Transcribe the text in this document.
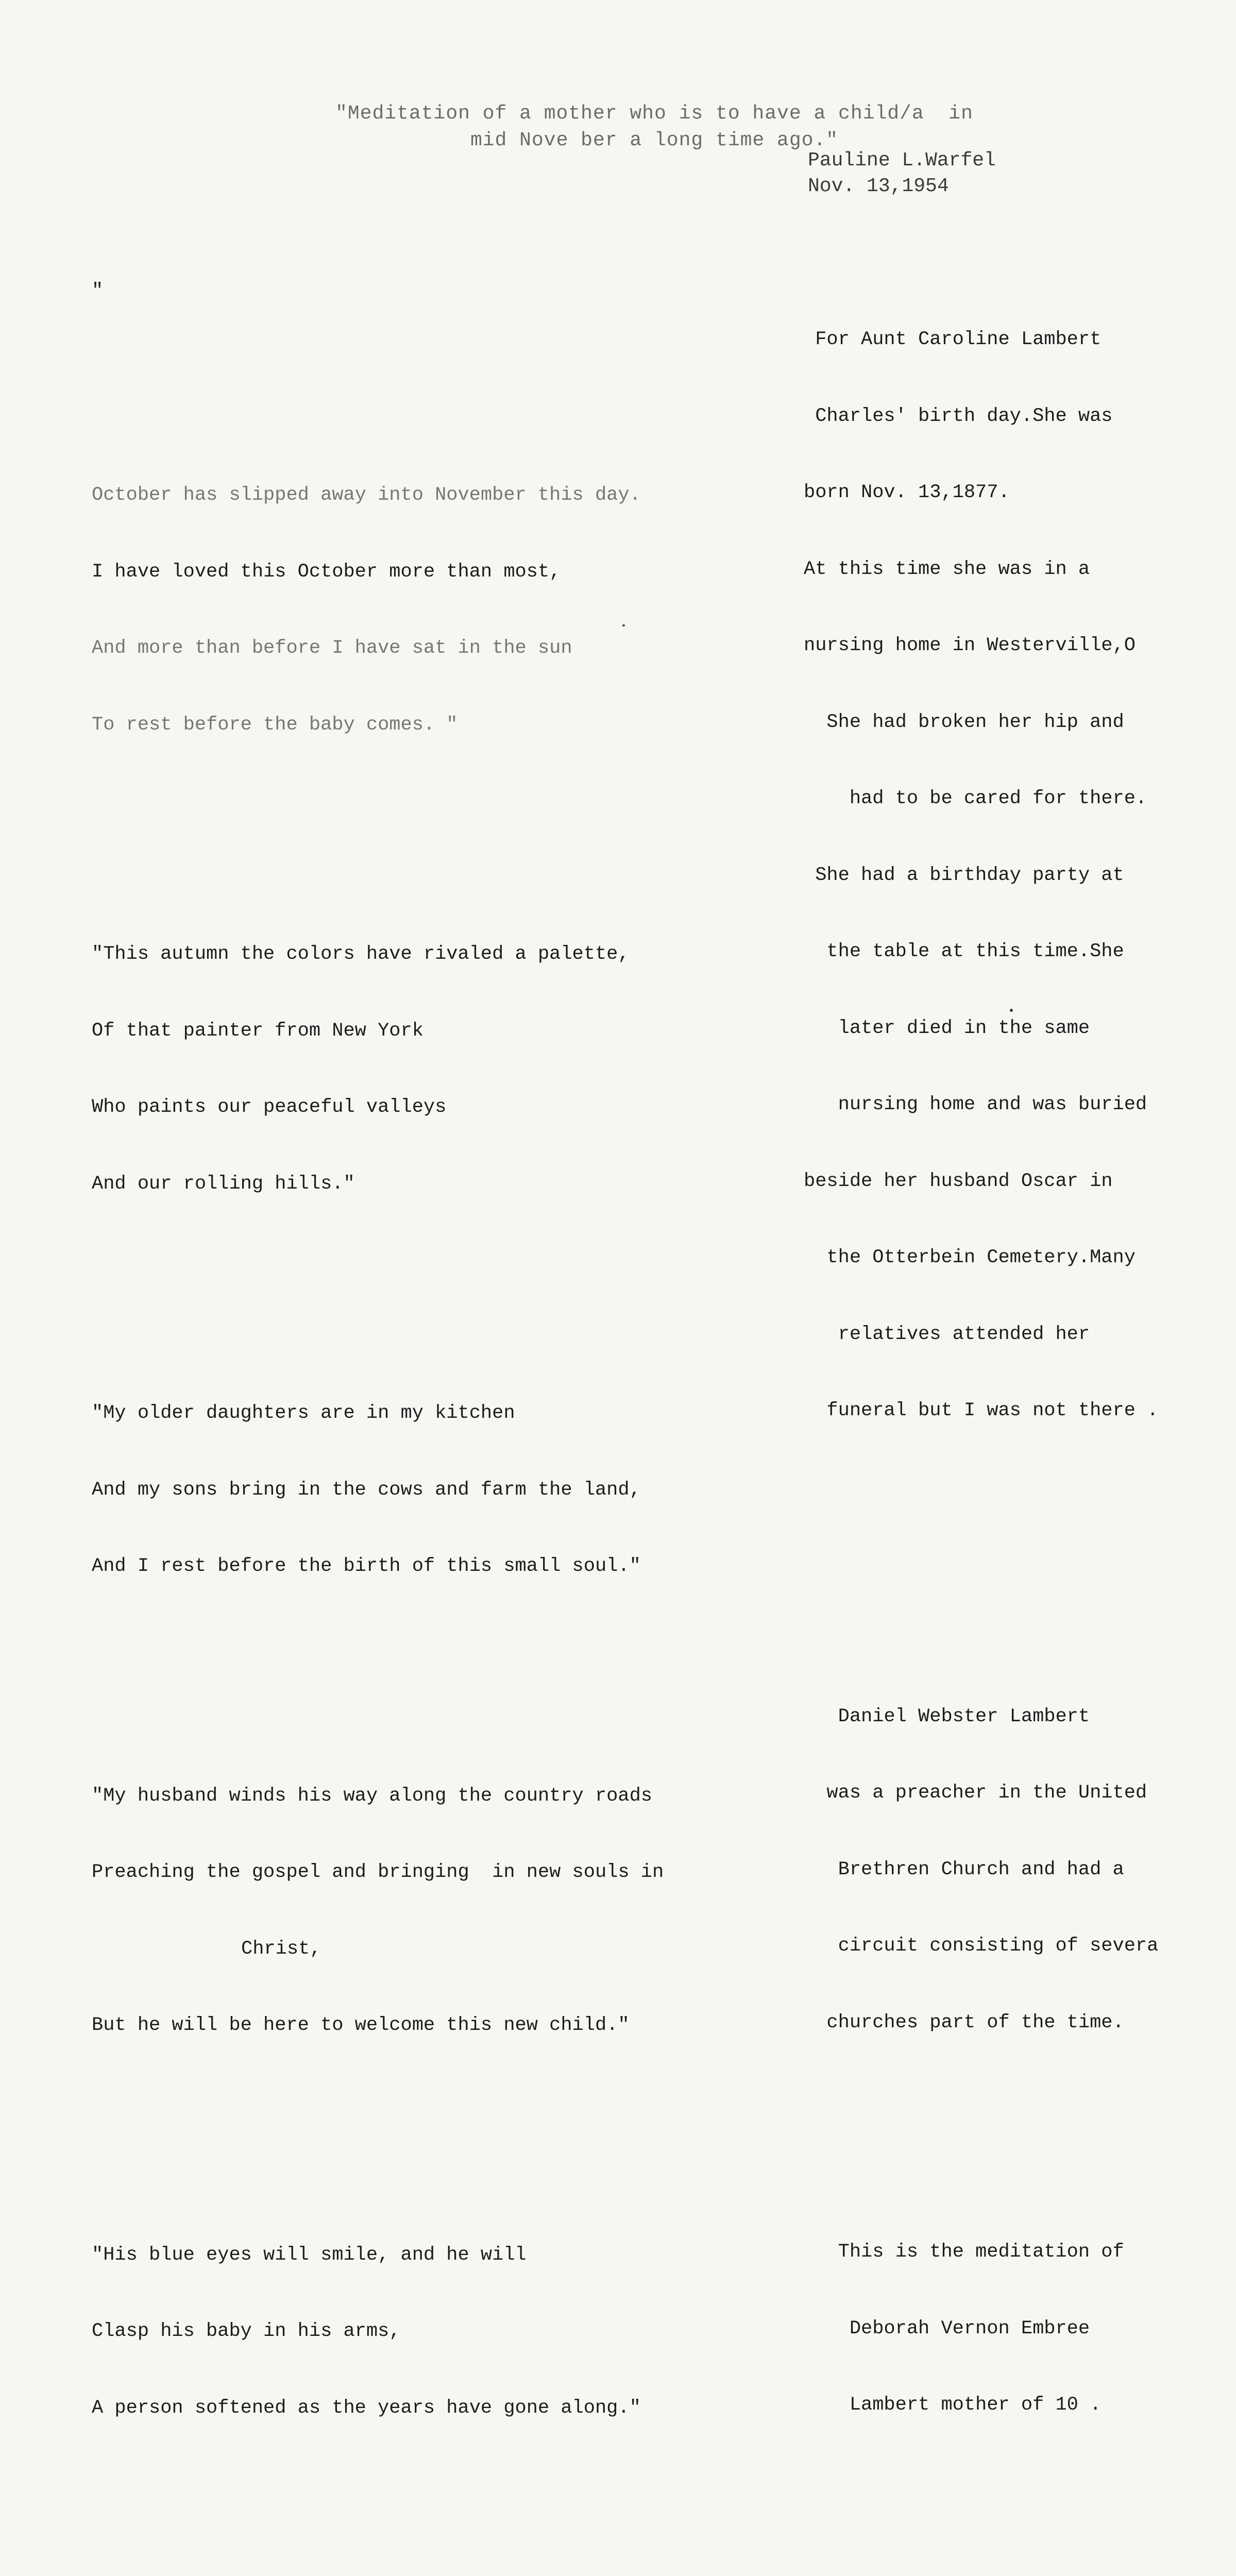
"Meditation of a mother who is to have a child/a  in
mid Nove ber a long time ago."
Pauline L.Warfel
Nov. 13,1954

"

October has slipped away into November this day.

I have loved this October more than most,

And more than before I have sat in the sun

To rest before the baby comes. "

"This autumn the colors have rivaled a palette,

Of that painter from New York

Who paints our peaceful valleys

And our rolling hills."

"My older daughters are in my kitchen

And my sons bring in the cows and farm the land,

And I rest before the birth of this small soul."

"My husband winds his way along the country roads

Preaching the gospel and bringing  in new souls in

Christ,

But he will be here to welcome this new child."

"His blue eyes will smile, and he will

Clasp his baby in his arms,

A person softened as the years have gone along."

For Aunt Caroline Lambert

Charles' birth day.She was

born Nov. 13,1877.

At this time she was in a

nursing home in Westerville,O

She had broken her hip and

had to be cared for there.

She had a birthday party at

the table at this time.She

later died in the same

nursing home and was buried

beside her husband Oscar in

the Otterbein Cemetery.Many

relatives attended her

funeral but I was not there .

Daniel Webster Lambert

was a preacher in the United

Brethren Church and had a

circuit consisting of severa

churches part of the time.

This is the meditation of

Deborah Vernon Embree

Lambert mother of 10 .
